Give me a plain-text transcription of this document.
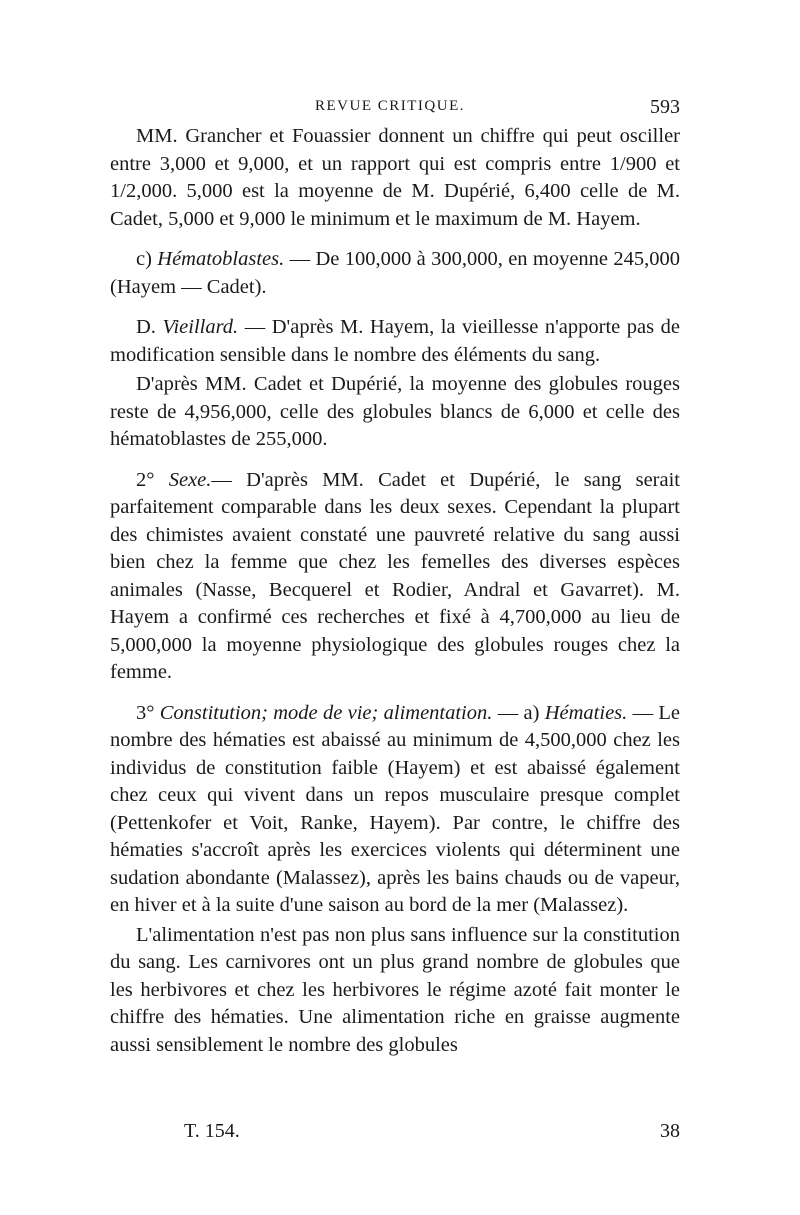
REVUE CRITIQUE.	593

MM. Grancher et Fouassier donnent un chiffre qui peut osciller entre 3,000 et 9,000, et un rapport qui est compris entre 1/900 et 1/2,000. 5,000 est la moyenne de M. Dupérié, 6,400 celle de M. Cadet, 5,000 et 9,000 le minimum et le maximum de M. Hayem.

c) Hématoblastes. — De 100,000 à 300,000, en moyenne 245,000 (Hayem — Cadet).

D. Vieillard. — D'après M. Hayem, la vieillesse n'apporte pas de modification sensible dans le nombre des éléments du sang.

D'après MM. Cadet et Dupérié, la moyenne des globules rouges reste de 4,956,000, celle des globules blancs de 6,000 et celle des hématoblastes de 255,000.

2° Sexe.— D'après MM. Cadet et Dupérié, le sang serait parfaitement comparable dans les deux sexes. Cependant la plupart des chimistes avaient constaté une pauvreté relative du sang aussi bien chez la femme que chez les femelles des diverses espèces animales (Nasse, Becquerel et Rodier, Andral et Gavarret). M. Hayem a confirmé ces recherches et fixé à 4,700,000 au lieu de 5,000,000 la moyenne physiologique des globules rouges chez la femme.

3° Constitution; mode de vie; alimentation. — a) Hématies. — Le nombre des hématies est abaissé au minimum de 4,500,000 chez les individus de constitution faible (Hayem) et est abaissé également chez ceux qui vivent dans un repos musculaire presque complet (Pettenkofer et Voit, Ranke, Hayem). Par contre, le chiffre des hématies s'accroît après les exercices violents qui déterminent une sudation abondante (Malassez), après les bains chauds ou de vapeur, en hiver et à la suite d'une saison au bord de la mer (Malassez).

L'alimentation n'est pas non plus sans influence sur la constitution du sang. Les carnivores ont un plus grand nombre de globules que les herbivores et chez les herbivores le régime azoté fait monter le chiffre des hématies. Une alimentation riche en graisse augmente aussi sensiblement le nombre des globules

T. 154.	38
